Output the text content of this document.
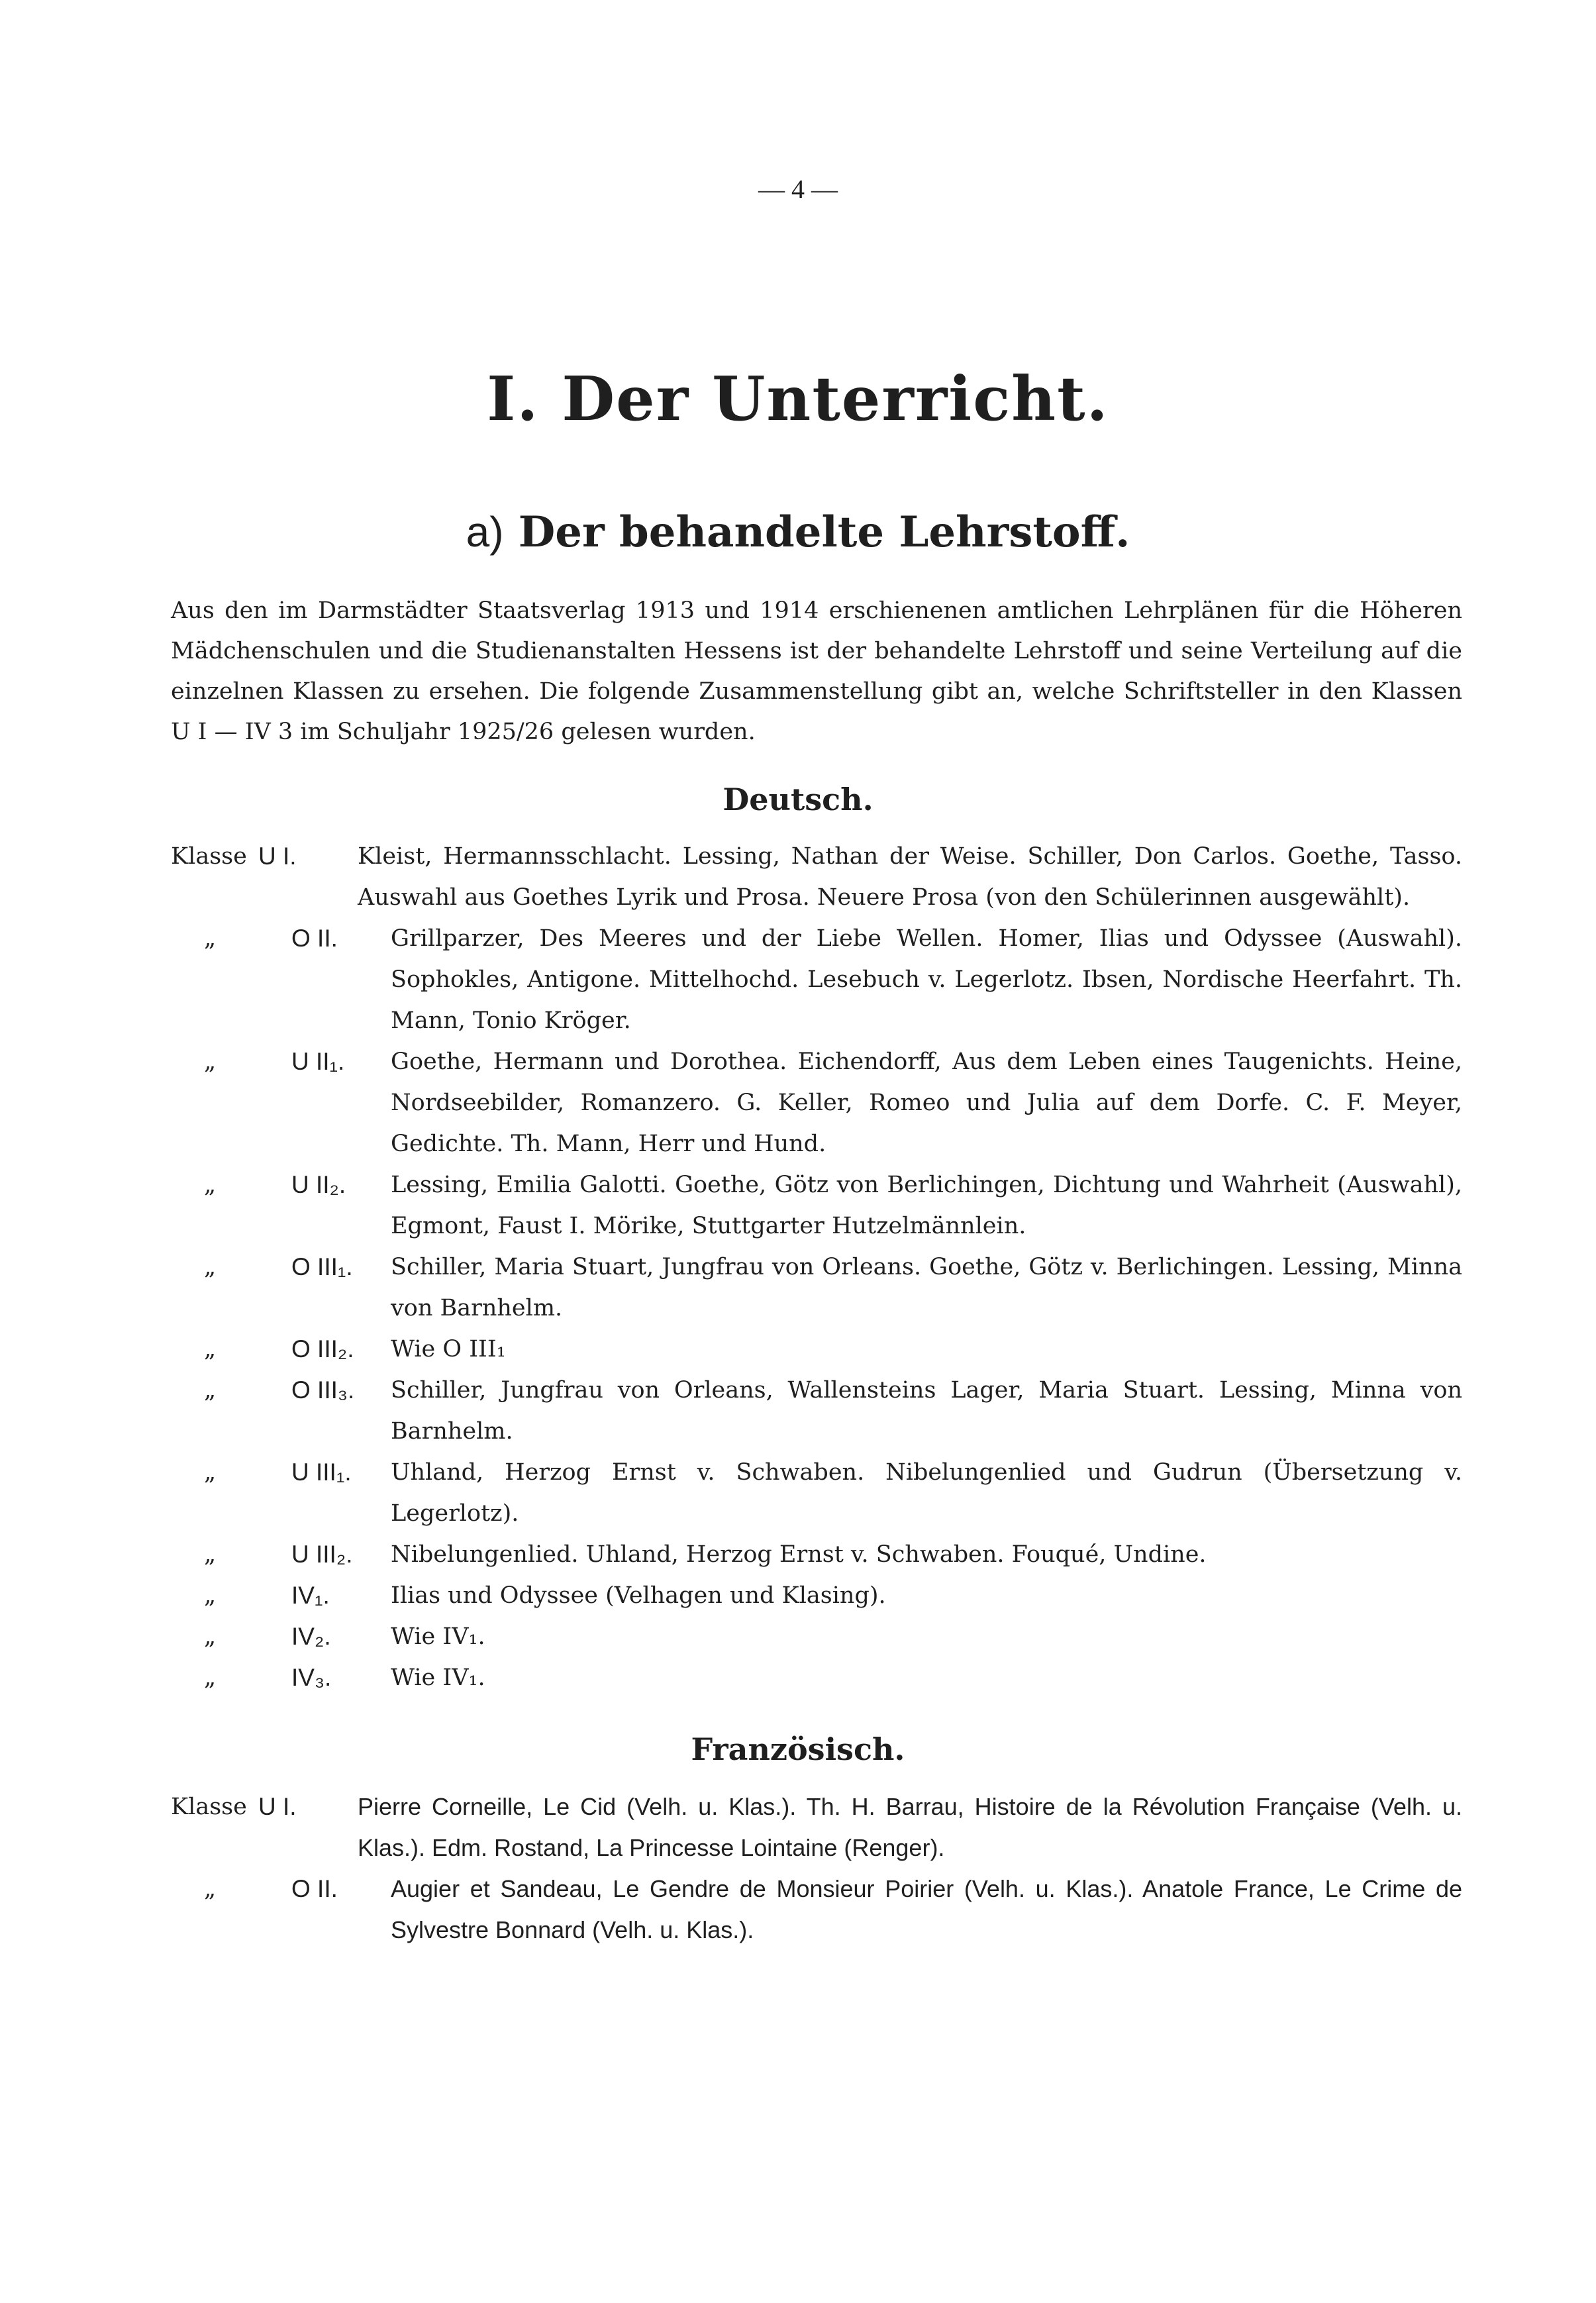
— 4 —
I. Der Unterricht.
a) Der behandelte Lehrstoff.

Aus den im Darmstädter Staatsverlag 1913 und 1914 erschienenen amtlichen Lehrplänen für die Höheren Mädchenschulen und die Studienanstalten Hessens ist der behandelte Lehrstoff und seine Verteilung auf die einzelnen Klassen zu ersehen. Die folgende Zusammenstellung gibt an, welche Schriftsteller in den Klassen U I — IV 3 im Schuljahr 1925/26 gelesen wurden.

Deutsch.
Klasse U I.	Kleist, Hermannsschlacht. Lessing, Nathan der Weise. Schiller, Don Carlos. Goethe, Tasso. Auswahl aus Goethes Lyrik und Prosa. Neuere Prosa (von den Schülerinnen ausgewählt).
„	O II.	Grillparzer, Des Meeres und der Liebe Wellen. Homer, Ilias und Odyssee (Auswahl). Sophokles, Antigone. Mittelhochd. Lesebuch v. Legerlotz. Ibsen, Nordische Heerfahrt. Th. Mann, Tonio Kröger.
„	U II₁.	Goethe, Hermann und Dorothea. Eichendorff, Aus dem Leben eines Taugenichts. Heine, Nordseebilder, Romanzero. G. Keller, Romeo und Julia auf dem Dorfe. C. F. Meyer, Gedichte. Th. Mann, Herr und Hund.
„	U II₂.	Lessing, Emilia Galotti. Goethe, Götz von Berlichingen, Dichtung und Wahrheit (Auswahl), Egmont, Faust I. Mörike, Stuttgarter Hutzelmännlein.
„	O III₁.	Schiller, Maria Stuart, Jungfrau von Orleans. Goethe, Götz v. Berlichingen. Lessing, Minna von Barnhelm.
„	O III₂.	Wie O III₁
„	O III₃.	Schiller, Jungfrau von Orleans, Wallensteins Lager, Maria Stuart. Lessing, Minna von Barnhelm.
„	U III₁.	Uhland, Herzog Ernst v. Schwaben. Nibelungenlied und Gudrun (Übersetzung v. Legerlotz).
„	U III₂.	Nibelungenlied. Uhland, Herzog Ernst v. Schwaben. Fouqué, Undine.
„	IV₁.	Ilias und Odyssee (Velhagen und Klasing).
„	IV₂.	Wie IV₁.
„	IV₃.	Wie IV₁.
Französisch.
Klasse U I.	Pierre Corneille, Le Cid (Velh. u. Klas.). Th. H. Barrau, Histoire de la Révolution Française (Velh. u. Klas.). Edm. Rostand, La Princesse Lointaine (Renger).
„	O II.	Augier et Sandeau, Le Gendre de Monsieur Poirier (Velh. u. Klas.). Anatole France, Le Crime de Sylvestre Bonnard (Velh. u. Klas.).
